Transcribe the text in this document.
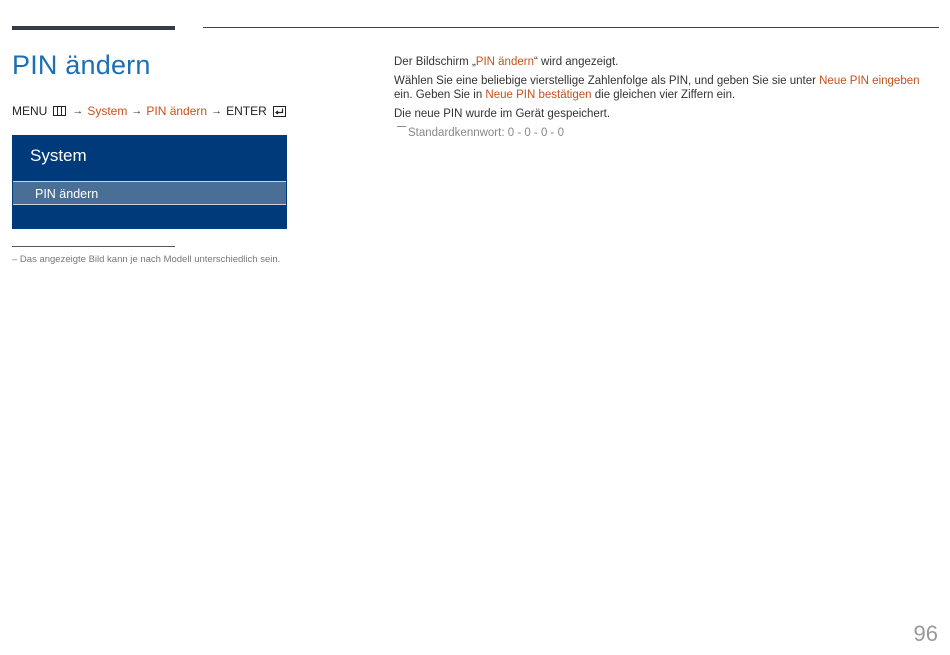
PIN ändern
MENU → System → PIN ändern → ENTER
System
PIN ändern
– Das angezeigte Bild kann je nach Modell unterschiedlich sein.

Der Bildschirm „PIN ändern“ wird angezeigt.

Wählen Sie eine beliebige vierstellige Zahlenfolge als PIN, und geben Sie sie unter Neue PIN eingeben ein. Geben Sie in Neue PIN bestätigen die gleichen vier Ziffern ein.

Die neue PIN wurde im Gerät gespeichert.

Standardkennwort: 0 - 0 - 0 - 0

96
